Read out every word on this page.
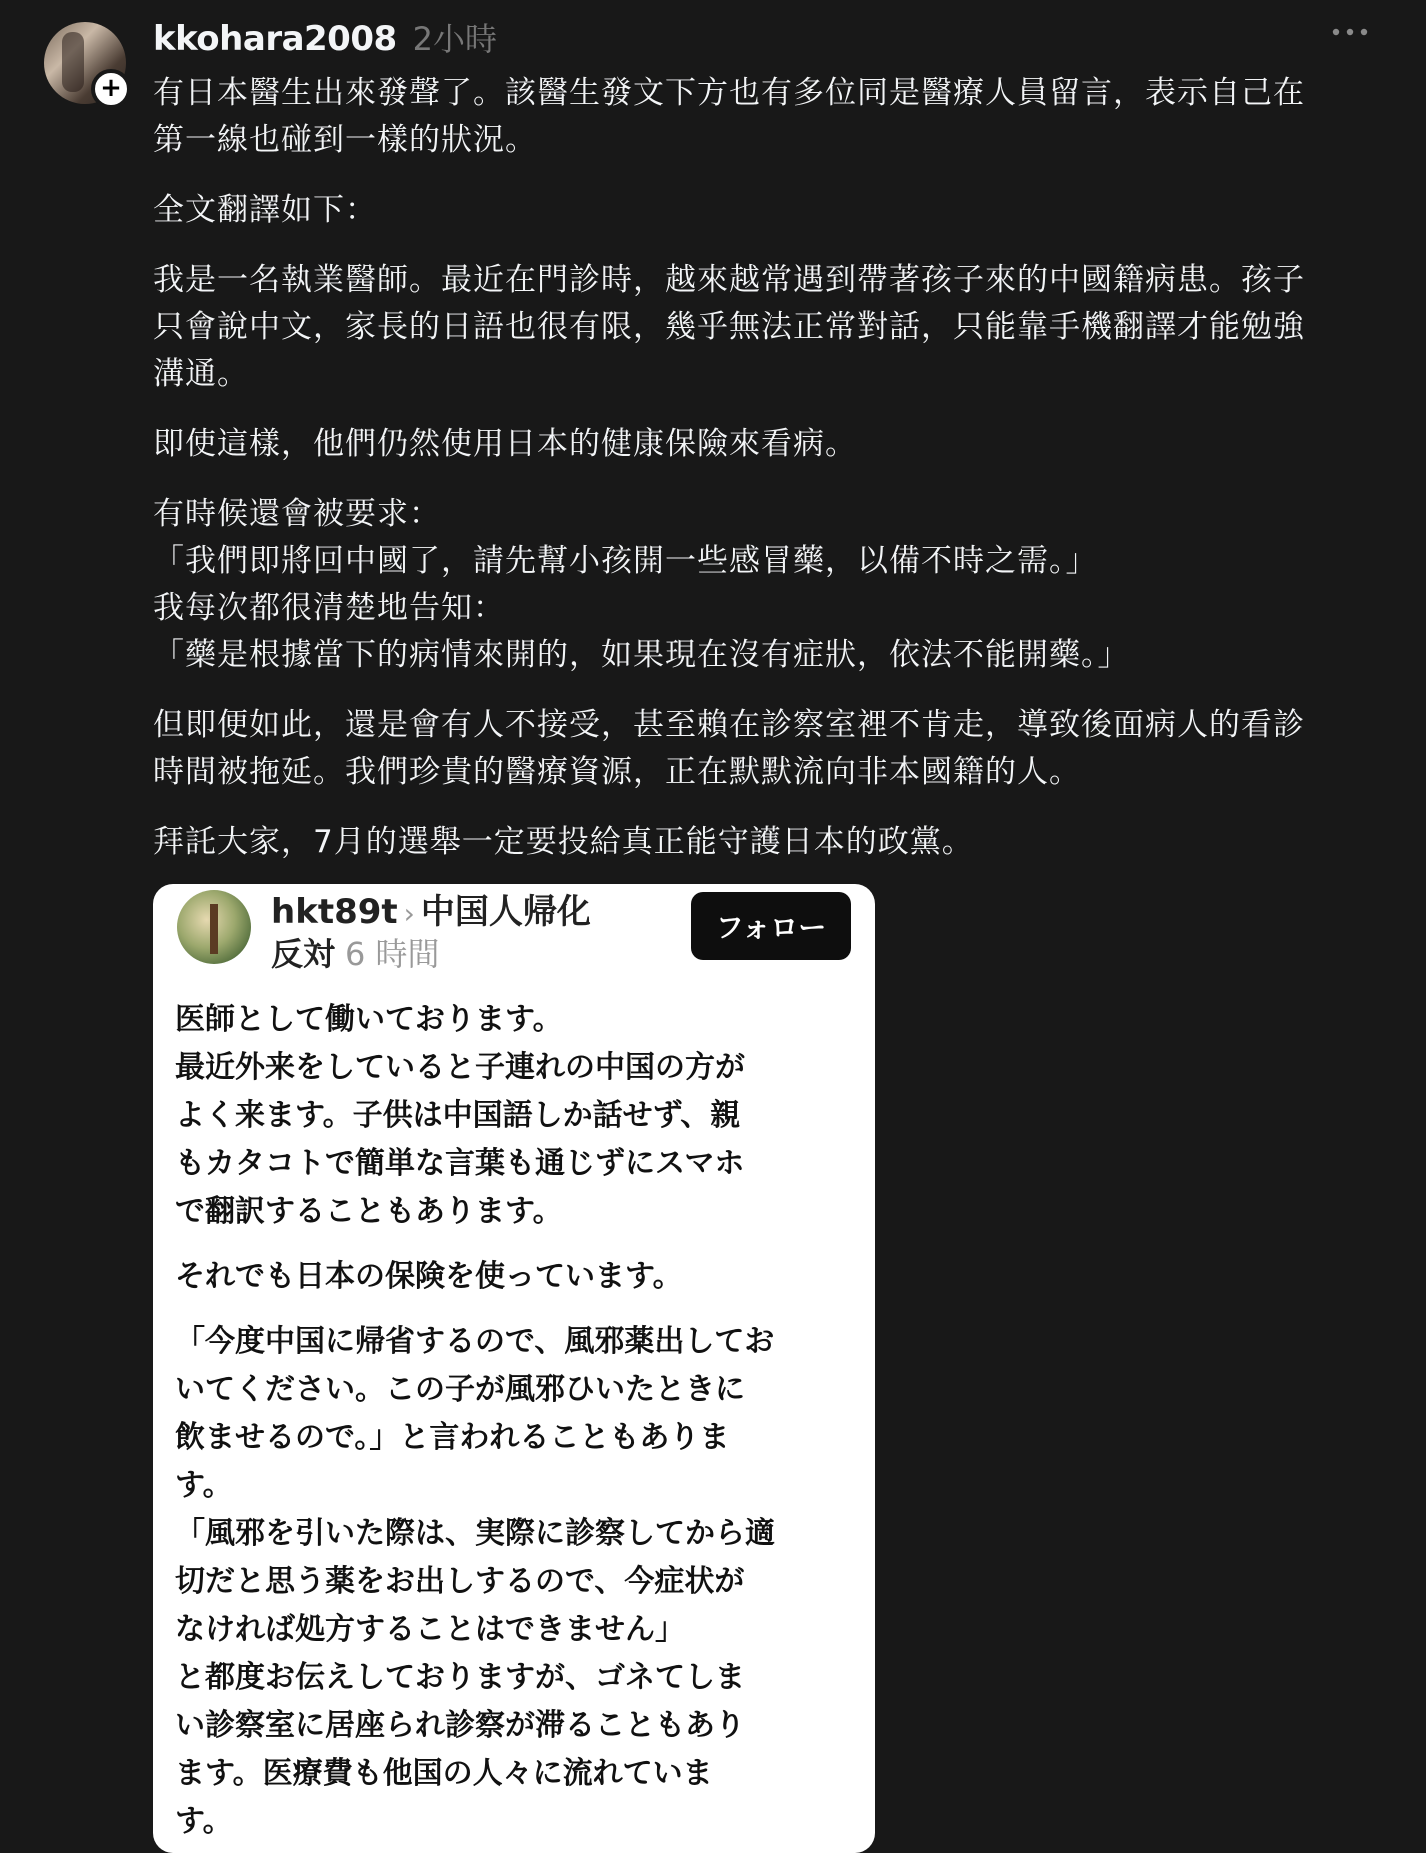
+
kkohara2008 2小時
有日本醫生出來發聲了。該醫生發文下方也有多位同是醫療人員留言，表示自己在
第一線也碰到一樣的狀況。
全文翻譯如下：
我是一名執業醫師。最近在門診時，越來越常遇到帶著孩子來的中國籍病患。孩子
只會說中文，家長的日語也很有限，幾乎無法正常對話，只能靠手機翻譯才能勉強
溝通。
即使這樣，他們仍然使用日本的健康保險來看病。
有時候還會被要求：
「我們即將回中國了，請先幫小孩開一些感冒藥，以備不時之需。」
我每次都很清楚地告知：
「藥是根據當下的病情來開的，如果現在沒有症狀，依法不能開藥。」
但即便如此，還是會有人不接受，甚至賴在診察室裡不肯走，導致後面病人的看診
時間被拖延。我們珍貴的醫療資源，正在默默流向非本國籍的人。
拜託大家，7月的選舉一定要投給真正能守護日本的政黨。
hkt89t › 中国人帰化
反対 6 時間
フォロー
医師として働いております。
最近外来をしていると子連れの中国の方が
よく来ます。子供は中国語しか話せず、親
もカタコトで簡単な言葉も通じずにスマホ
で翻訳することもあります。
それでも日本の保険を使っています。
「今度中国に帰省するので、風邪薬出してお
いてください。この子が風邪ひいたときに
飲ませるので。」と言われることもありま
す。
「風邪を引いた際は、実際に診察してから適
切だと思う薬をお出しするので、今症状が
なければ処方することはできません」
と都度お伝えしておりますが、ゴネてしま
い診察室に居座られ診察が滞ることもあり
ます。医療費も他国の人々に流れていま
す。
